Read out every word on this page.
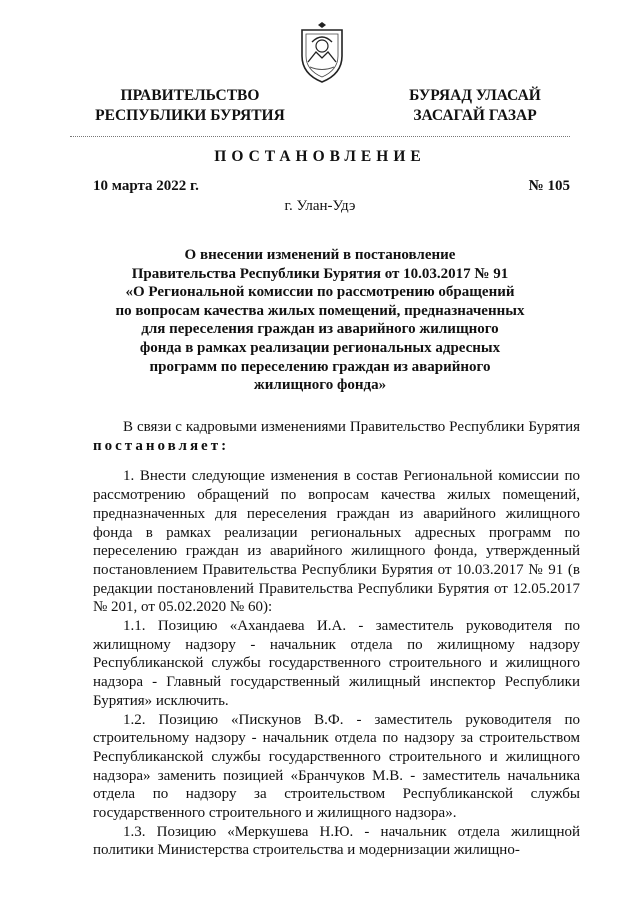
ПРАВИТЕЛЬСТВО
РЕСПУБЛИКИ БУРЯТИЯ
БУРЯАД УЛАСАЙ
ЗАСАГАЙ ГАЗАР
ПОСТАНОВЛЕНИЕ
10 марта 2022 г.	№ 105
г. Улан-Удэ
О внесении изменений в постановление
Правительства Республики Бурятия от 10.03.2017 № 91
«О Региональной комиссии по рассмотрению обращений
по вопросам качества жилых помещений, предназначенных
для переселения граждан из аварийного жилищного
фонда в рамках реализации региональных адресных
программ по переселению граждан из аварийного
жилищного фонда»

В связи с кадровыми изменениями Правительство Республики Бурятия постановляет:

1. Внести следующие изменения в состав Региональной комиссии по рассмотрению обращений по вопросам качества жилых помещений, предназначенных для переселения граждан из аварийного жилищного фонда в рамках реализации региональных адресных программ по переселению граждан из аварийного жилищного фонда, утвержденный постановлением Правительства Республики Бурятия от 10.03.2017 № 91 (в редакции постановлений Правительства Республики Бурятия от 12.05.2017 № 201, от 05.02.2020 № 60):

1.1. Позицию «Ахандаева И.А. - заместитель руководителя по жилищному надзору - начальник отдела по жилищному надзору Республиканской службы государственного строительного и жилищного надзора - Главный государственный жилищный инспектор Республики Бурятия» исключить.

1.2. Позицию «Пискунов В.Ф. - заместитель руководителя по строительному надзору - начальник отдела по надзору за строительством Республиканской службы государственного строительного и жилищного надзора» заменить позицией «Бранчуков М.В. - заместитель начальника отдела по надзору за строительством Республиканской службы государственного строительного и жилищного надзора».

1.3. Позицию «Меркушева Н.Ю. - начальник отдела жилищной политики Министерства строительства и модернизации жилищно-
